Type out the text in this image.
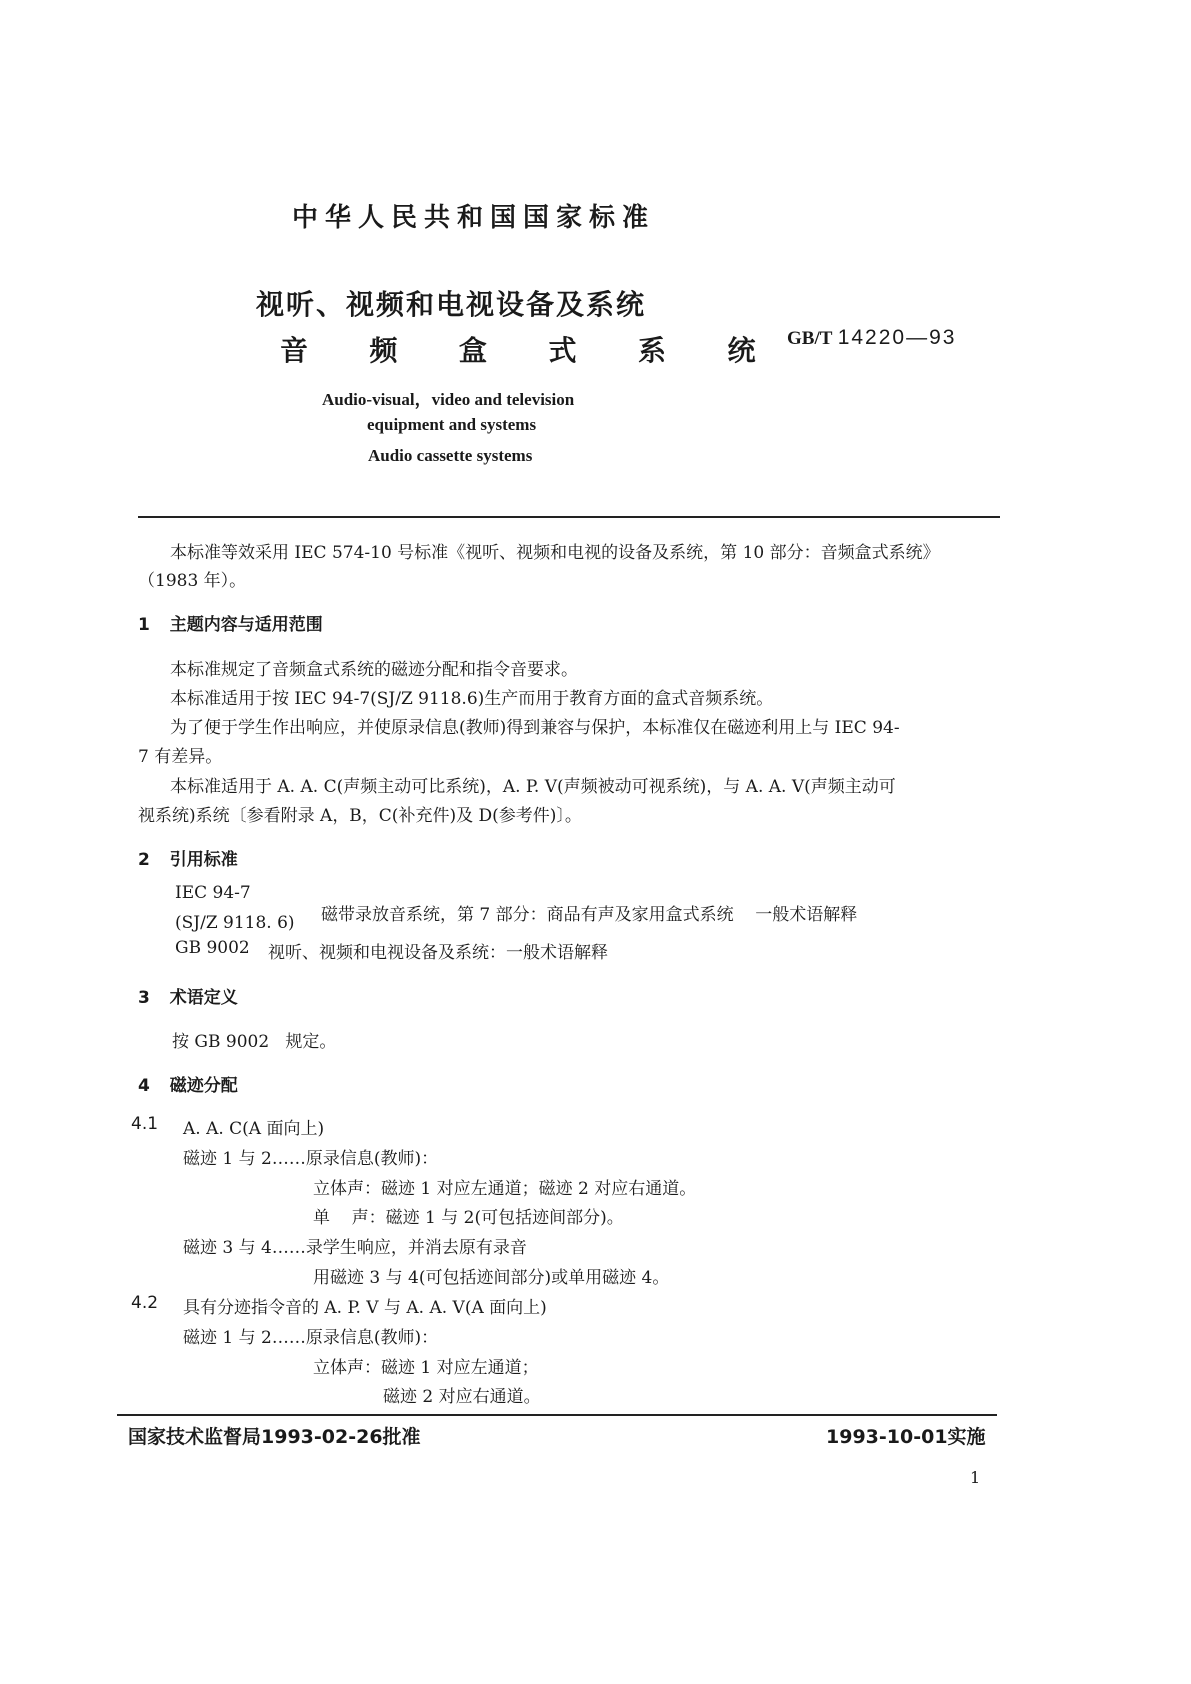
中华人民共和国国家标准
视听、视频和电视设备及系统
音  频  盒  式  系  统 GB/T 14220—93
Audio-visual，video and television
equipment and systems
Audio cassette systems
本标准等效采用 IEC 574-10 号标准《视听、视频和电视的设备及系统，第 10 部分：音频盒式系统》
（1983 年）。
1 主题内容与适用范围
本标准规定了音频盒式系统的磁迹分配和指令音要求。
本标准适用于按 IEC 94-7(SJ/Z 9118.6)生产而用于教育方面的盒式音频系统。
为了便于学生作出响应，并使原录信息(教师)得到兼容与保护，本标准仅在磁迹利用上与 IEC 94-
7 有差异。
本标准适用于 A. A. C(声频主动可比系统)，A. P. V(声频被动可视系统)，与 A. A. V(声频主动可
视系统)系统〔参看附录 A，B，C(补充件)及 D(参考件)〕。
2 引用标准
IEC 94-7
(SJ/Z 9118. 6) 磁带录放音系统，第 7 部分：商品有声及家用盒式系统    一般术语解释
GB 9002 视听、视频和电视设备及系统：一般术语解释
3 术语定义
按 GB 9002   规定。
4 磁迹分配
4.1 A. A. C(A 面向上)
磁迹 1 与 2……原录信息(教师)：
立体声：磁迹 1 对应左通道；磁迹 2 对应右通道。
单    声：磁迹 1 与 2(可包括迹间部分)。
磁迹 3 与 4……录学生响应，并消去原有录音
用磁迹 3 与 4(可包括迹间部分)或单用磁迹 4。
4.2 具有分迹指令音的 A. P. V 与 A. A. V(A 面向上)
磁迹 1 与 2……原录信息(教师)：
立体声：磁迹 1 对应左通道；
磁迹 2 对应右通道。
国家技术监督局1993-02-26批准	1993-10-01实施
1
